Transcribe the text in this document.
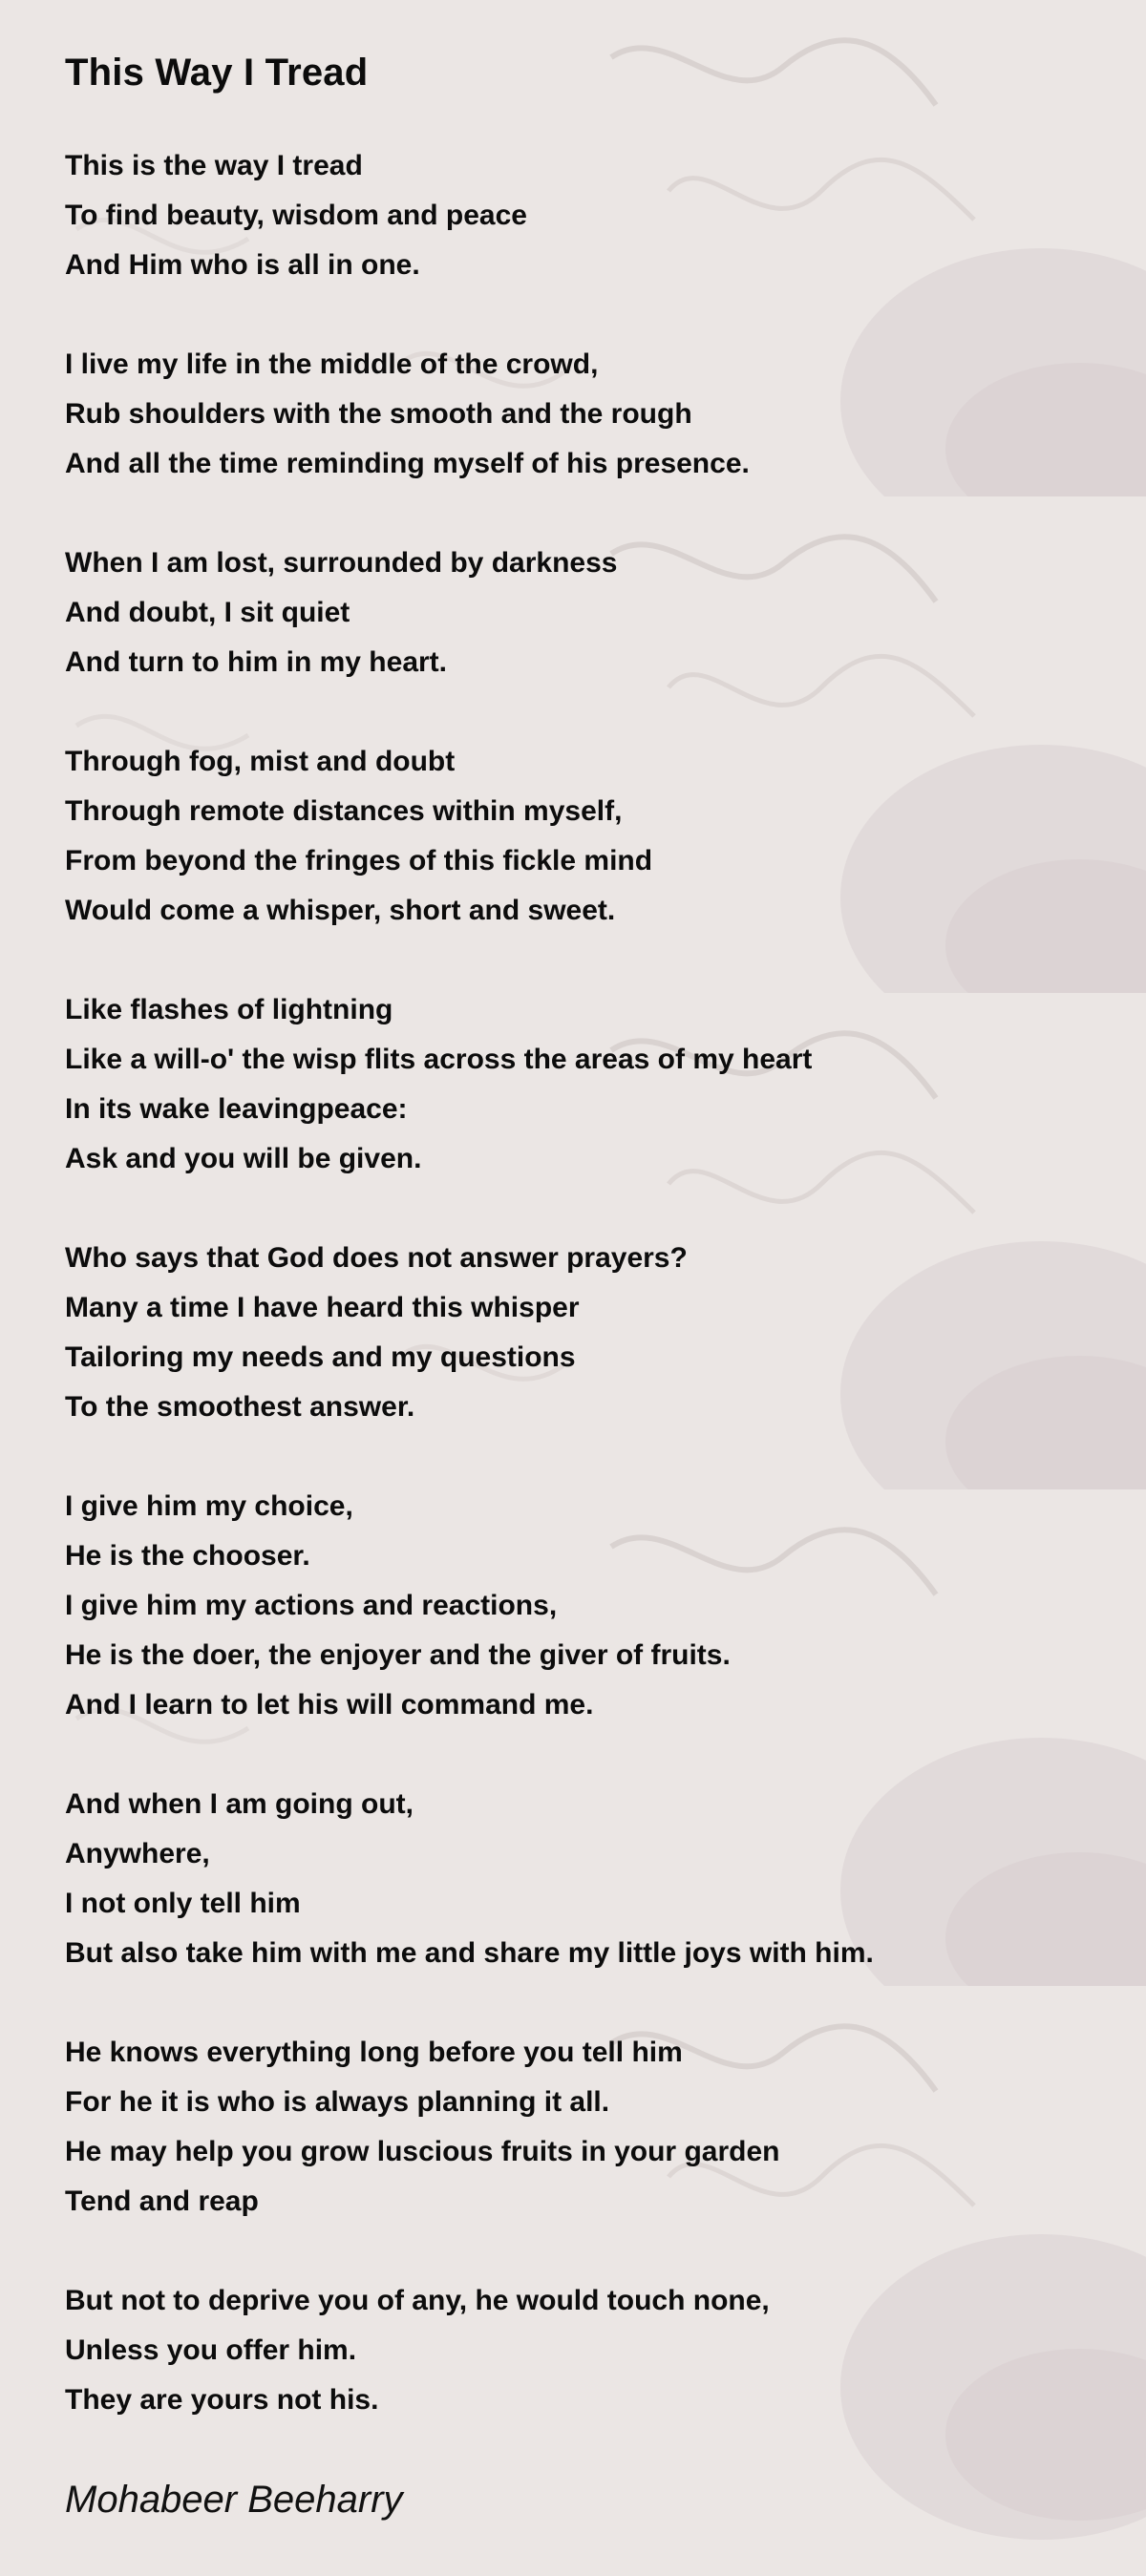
This Way I Tread
This is the way I tread
To find beauty, wisdom and peace
And Him who is all in one.
I live my life in the middle of the crowd,
Rub shoulders with the smooth and the rough
And all the time reminding myself of his presence.
When I am lost, surrounded by darkness
And doubt, I sit quiet
And turn to him in my heart.
Through fog, mist and doubt
Through remote distances within myself,
From beyond the fringes of this fickle mind
Would come a whisper, short and sweet.
Like flashes of lightning
Like a will-o' the wisp flits across the areas of my heart
In its wake leavingpeace:
Ask and you will be given.
Who says that God does not answer prayers?
Many a time I have heard this whisper
Tailoring my needs and my questions
To the smoothest answer.
I give him my choice,
He is the chooser.
I give him my actions and reactions,
He is the doer, the enjoyer and the giver of fruits.
And I learn to let his will command me.
And when I am going out,
Anywhere,
I not only tell him
But also take him with me and share my little joys with him.
He knows everything long before you tell him
For he it is who is always planning it all.
He may help you grow luscious fruits in your garden
Tend and reap
But not to deprive you of any, he would touch none,
Unless you offer him.
They are yours not his.
Mohabeer Beeharry
